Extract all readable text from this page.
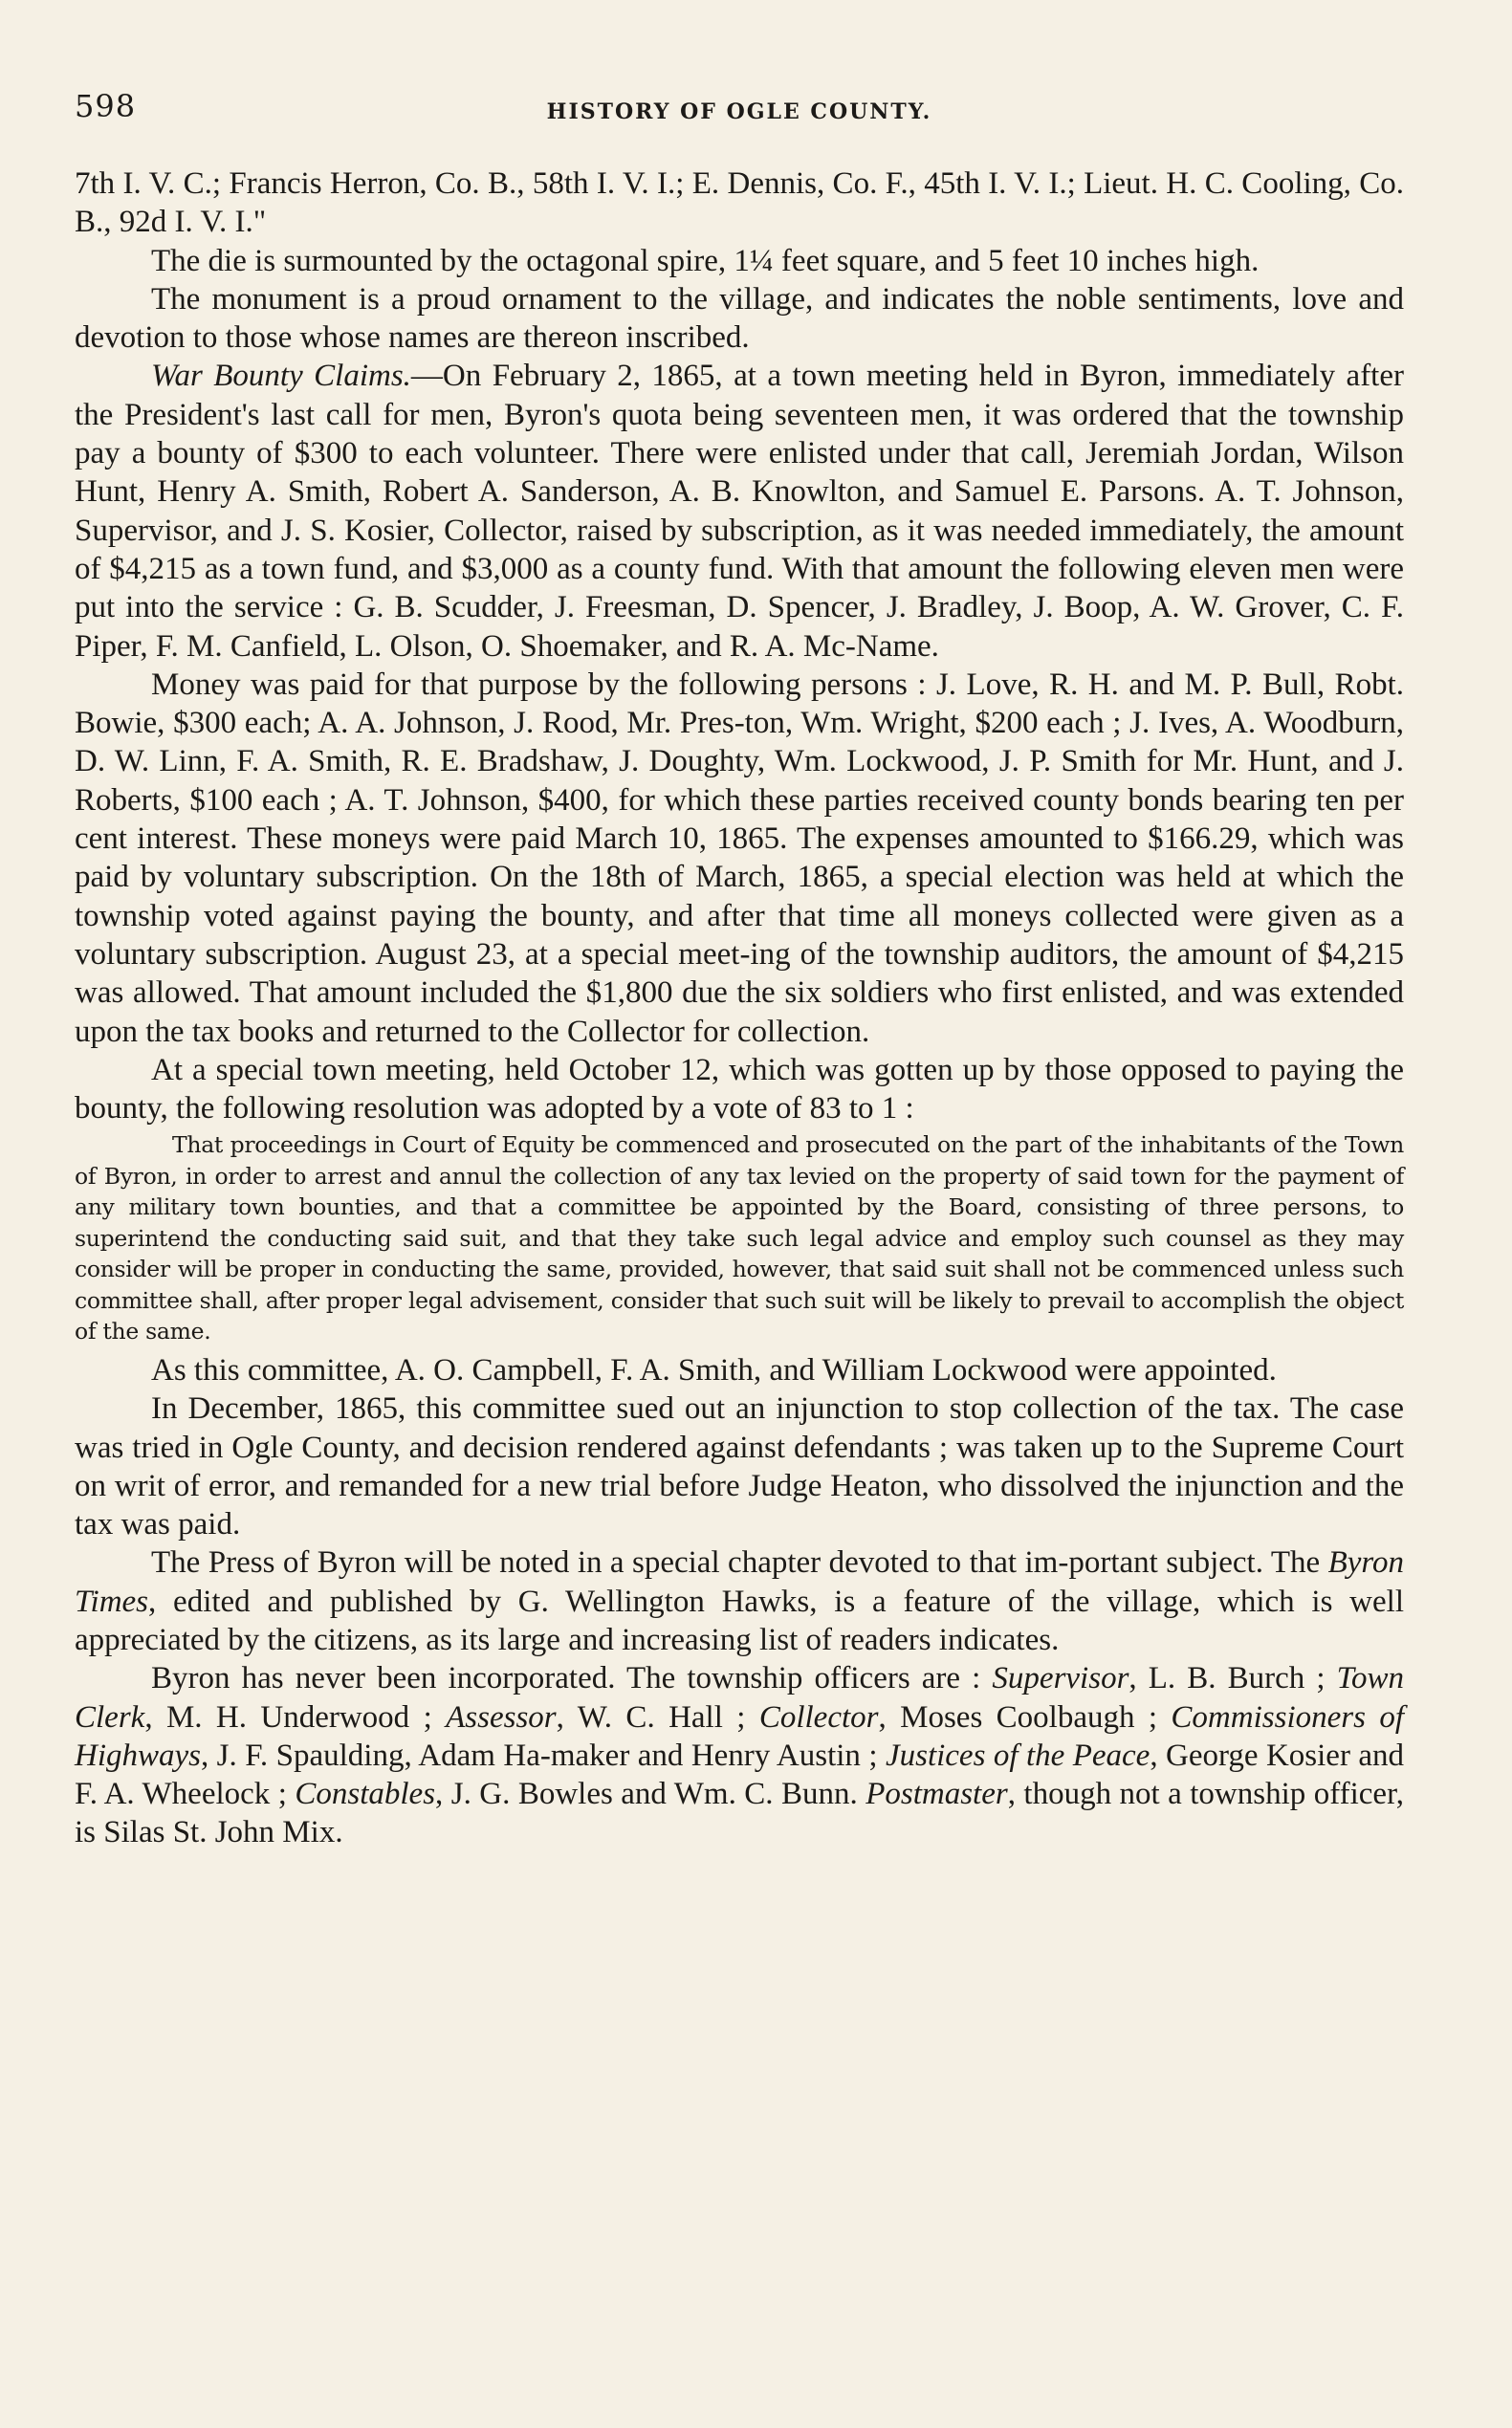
598	HISTORY OF OGLE COUNTY.

7th I. V. C.; Francis Herron, Co. B., 58th I. V. I.; E. Dennis, Co. F., 45th I. V. I.; Lieut. H. C. Cooling, Co. B., 92d I. V. I."

The die is surmounted by the octagonal spire, 1¼ feet square, and 5 feet 10 inches high.

The monument is a proud ornament to the village, and indicates the noble sentiments, love and devotion to those whose names are thereon inscribed.

War Bounty Claims.—On February 2, 1865, at a town meeting held in Byron, immediately after the President's last call for men, Byron's quota being seventeen men, it was ordered that the township pay a bounty of $300 to each volunteer. There were enlisted under that call, Jeremiah Jordan, Wilson Hunt, Henry A. Smith, Robert A. Sanderson, A. B. Knowlton, and Samuel E. Parsons. A. T. Johnson, Supervisor, and J. S. Kosier, Collector, raised by subscription, as it was needed immediately, the amount of $4,215 as a town fund, and $3,000 as a county fund. With that amount the following eleven men were put into the service : G. B. Scudder, J. Freesman, D. Spencer, J. Bradley, J. Boop, A. W. Grover, C. F. Piper, F. M. Canfield, L. Olson, O. Shoemaker, and R. A. Mc-Name.

Money was paid for that purpose by the following persons : J. Love, R. H. and M. P. Bull, Robt. Bowie, $300 each; A. A. Johnson, J. Rood, Mr. Pres-ton, Wm. Wright, $200 each ; J. Ives, A. Woodburn, D. W. Linn, F. A. Smith, R. E. Bradshaw, J. Doughty, Wm. Lockwood, J. P. Smith for Mr. Hunt, and J. Roberts, $100 each ; A. T. Johnson, $400, for which these parties received county bonds bearing ten per cent interest. These moneys were paid March 10, 1865. The expenses amounted to $166.29, which was paid by voluntary subscription. On the 18th of March, 1865, a special election was held at which the township voted against paying the bounty, and after that time all moneys collected were given as a voluntary subscription. August 23, at a special meet-ing of the township auditors, the amount of $4,215 was allowed. That amount included the $1,800 due the six soldiers who first enlisted, and was extended upon the tax books and returned to the Collector for collection.

At a special town meeting, held October 12, which was gotten up by those opposed to paying the bounty, the following resolution was adopted by a vote of 83 to 1 :

That proceedings in Court of Equity be commenced and prosecuted on the part of the inhabitants of the Town of Byron, in order to arrest and annul the collection of any tax levied on the property of said town for the payment of any military town bounties, and that a committee be appointed by the Board, consisting of three persons, to superintend the conducting said suit, and that they take such legal advice and employ such counsel as they may consider will be proper in conducting the same, provided, however, that said suit shall not be commenced unless such committee shall, after proper legal advisement, consider that such suit will be likely to prevail to accomplish the object of the same.

As this committee, A. O. Campbell, F. A. Smith, and William Lockwood were appointed.

In December, 1865, this committee sued out an injunction to stop collection of the tax. The case was tried in Ogle County, and decision rendered against defendants ; was taken up to the Supreme Court on writ of error, and remanded for a new trial before Judge Heaton, who dissolved the injunction and the tax was paid.

The Press of Byron will be noted in a special chapter devoted to that im-portant subject. The Byron Times, edited and published by G. Wellington Hawks, is a feature of the village, which is well appreciated by the citizens, as its large and increasing list of readers indicates.

Byron has never been incorporated. The township officers are : Supervisor, L. B. Burch ; Town Clerk, M. H. Underwood ; Assessor, W. C. Hall ; Collector, Moses Coolbaugh ; Commissioners of Highways, J. F. Spaulding, Adam Ha-maker and Henry Austin ; Justices of the Peace, George Kosier and F. A. Wheelock ; Constables, J. G. Bowles and Wm. C. Bunn. Postmaster, though not a township officer, is Silas St. John Mix.
